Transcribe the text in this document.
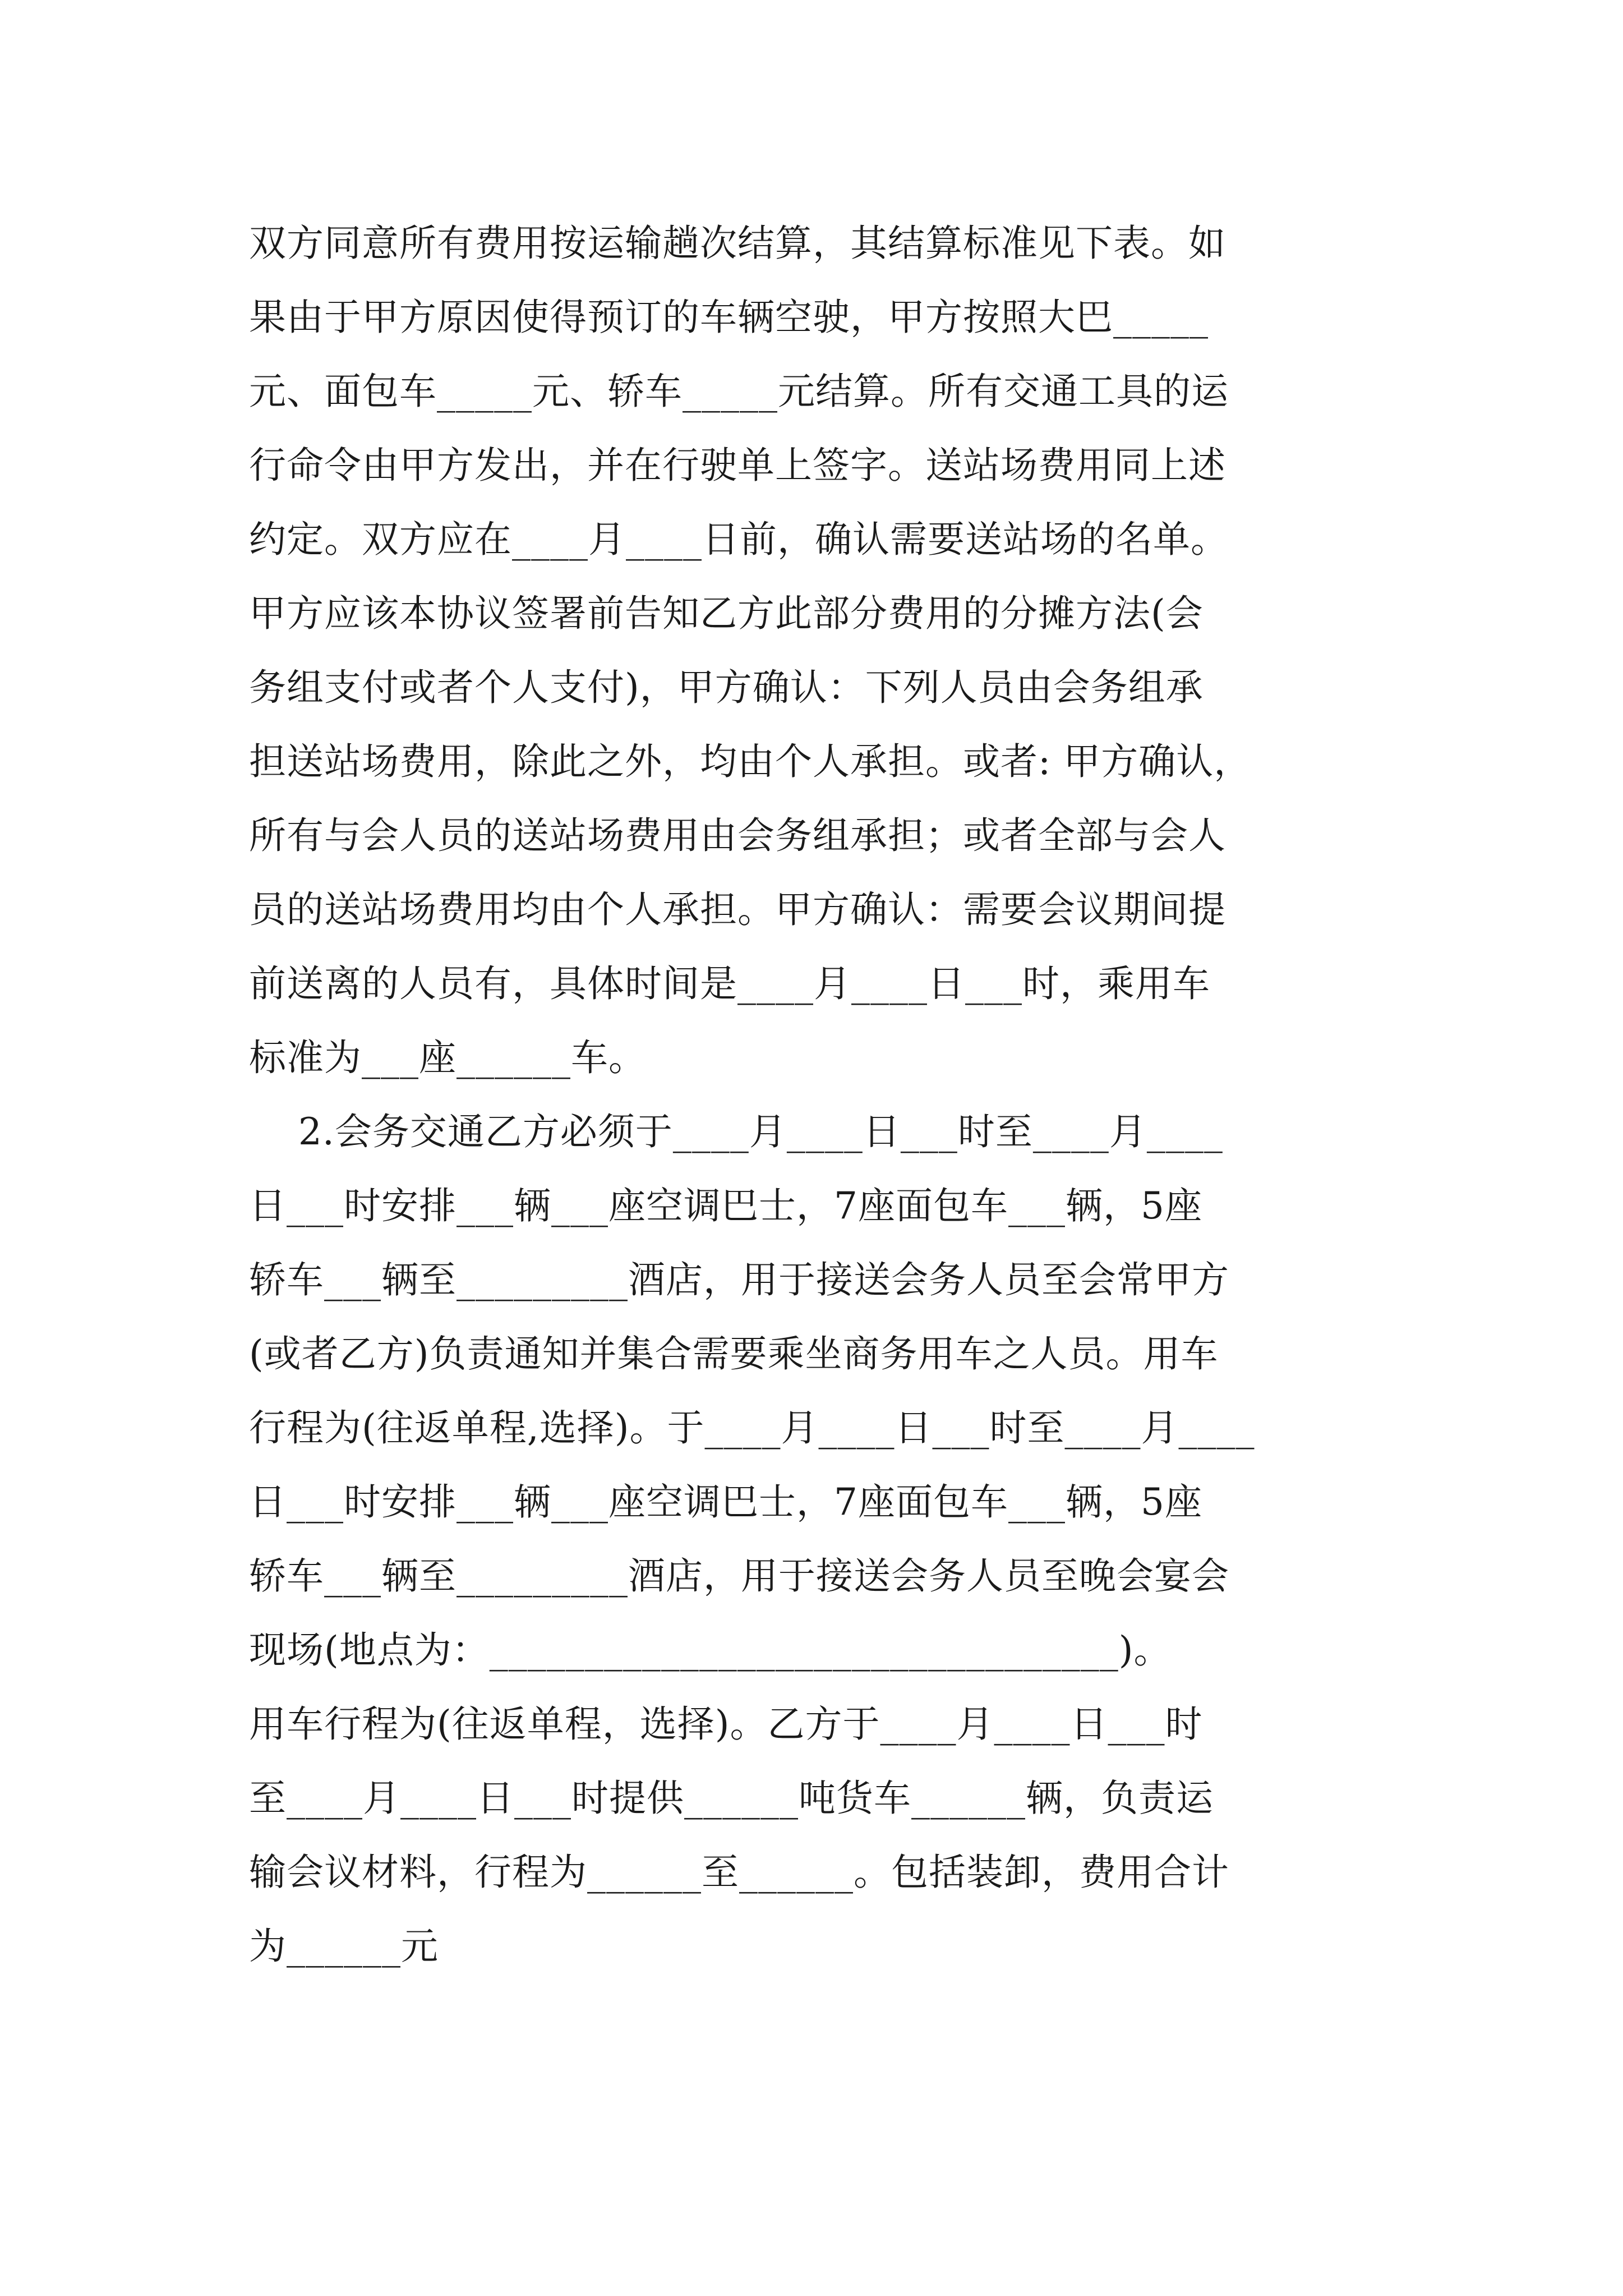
双方同意所有费用按运输趟次结算，其结算标准见下表。如
果由于甲方原因使得预订的车辆空驶，甲方按照大巴_____
元、面包车_____元、轿车_____元结算。所有交通工具的运
行命令由甲方发出，并在行驶单上签字。送站场费用同上述
约定。双方应在____月____日前，确认需要送站场的名单。
甲方应该本协议签署前告知乙方此部分费用的分摊方法(会
务组支付或者个人支付)，甲方确认：下列人员由会务组承
担送站场费用，除此之外，均由个人承担。或者: 甲方确认，
所有与会人员的送站场费用由会务组承担；或者全部与会人
员的送站场费用均由个人承担。甲方确认：需要会议期间提
前送离的人员有，具体时间是____月____日___时，乘用车
标准为___座______车。
2.会务交通乙方必须于____月____日___时至____月____
日___时安排___辆___座空调巴士，7座面包车___辆，5座
轿车___辆至_________酒店，用于接送会务人员至会常甲方
(或者乙方)负责通知并集合需要乘坐商务用车之人员。用车
行程为(往返单程,选择)。于____月____日___时至____月____
日___时安排___辆___座空调巴士，7座面包车___辆，5座
轿车___辆至_________酒店，用于接送会务人员至晚会宴会
现场(地点为：_________________________________)。
用车行程为(往返单程，选择)。乙方于____月____日___时
至____月____日___时提供______吨货车______辆，负责运
输会议材料，行程为______至______。包括装卸，费用合计
为______元
